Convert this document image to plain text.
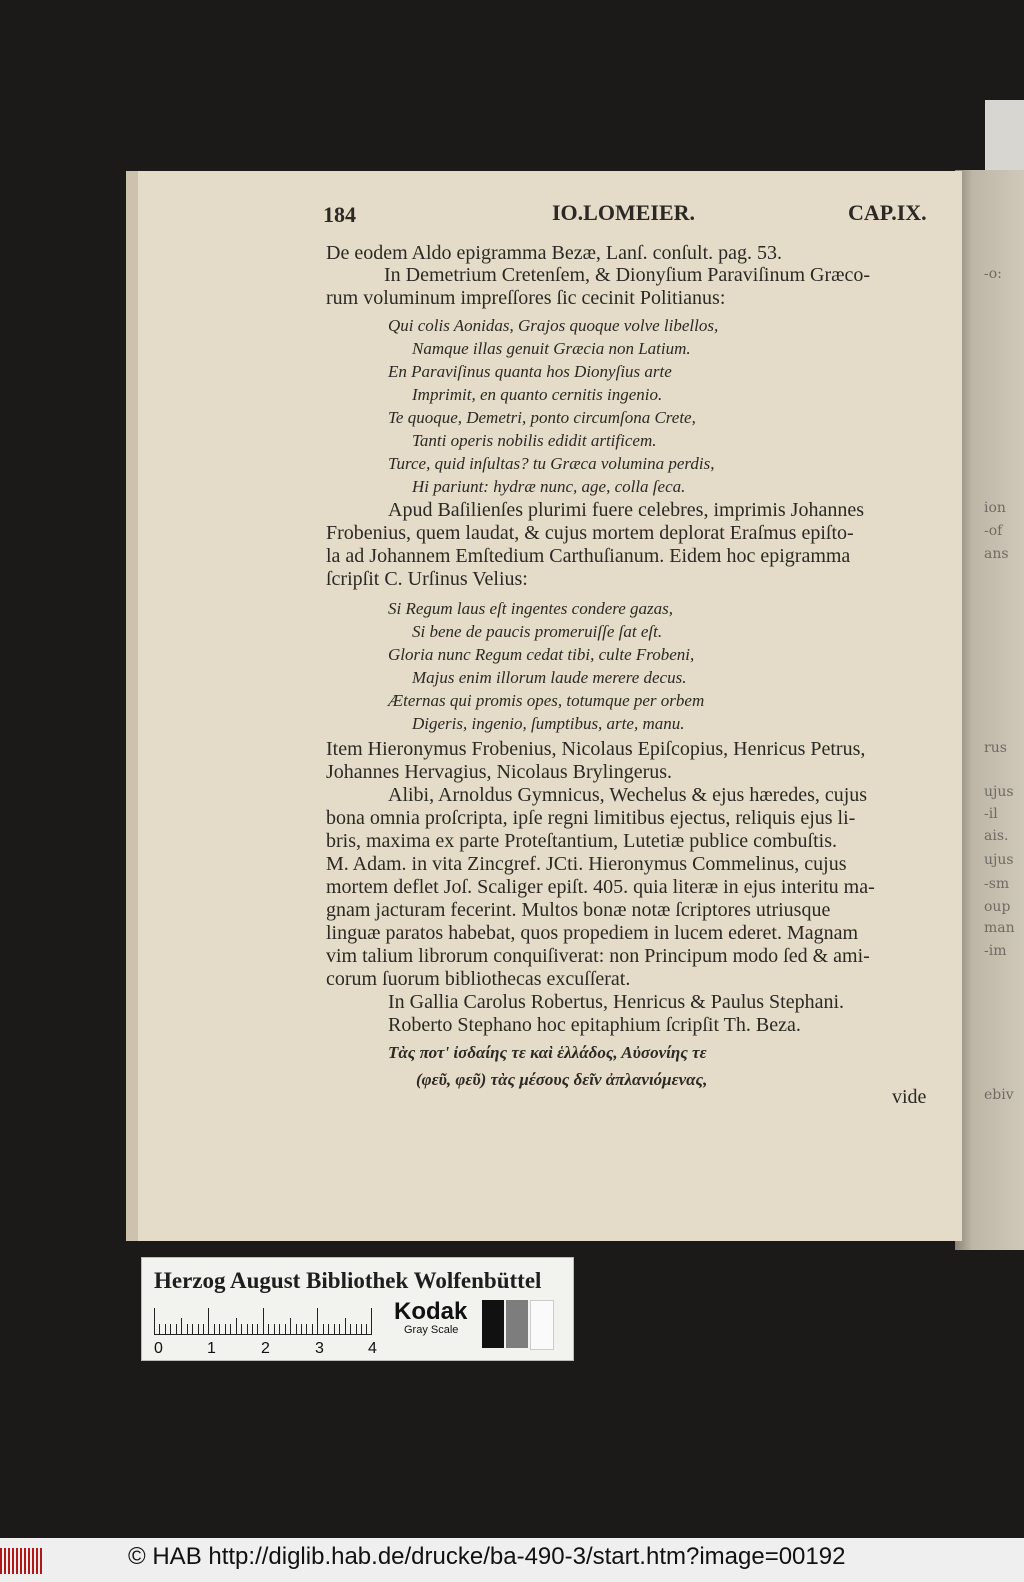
-o:
ion
-of
ans
rus
ujus
-il
ais.
ujus
-sm
oup
man
-im
ebiv
184	IO.LOMEIER.	CAP.IX.
De eodem Aldo epigramma Bezæ, Lanſ. conſult. pag. 53.
In Demetrium Cretenſem, & Dionyſium Paraviſinum Græco-
rum voluminum impreſſores ſic cecinit Politianus:
Qui colis Aonidas, Grajos quoque volve libellos,
Namque illas genuit Græcia non Latium.
En Paraviſinus quanta hos Dionyſius arte
Imprimit, en quanto cernitis ingenio.
Te quoque, Demetri, ponto circumſona Crete,
Tanti operis nobilis edidit artificem.
Turce, quid inſultas? tu Græca volumina perdis,
Hi pariunt: hydræ nunc, age, colla ſeca.
Apud Baſilienſes plurimi fuere celebres, imprimis Johannes
Frobenius, quem laudat, & cujus mortem deplorat Eraſmus epiſto-
la ad Johannem Emſtedium Carthuſianum. Eidem hoc epigramma
ſcripſit C. Urſinus Velius:
Si Regum laus eſt ingentes condere gazas,
Si bene de paucis promeruiſſe ſat eſt.
Gloria nunc Regum cedat tibi, culte Frobeni,
Majus enim illorum laude merere decus.
Æternas qui promis opes, totumque per orbem
Digeris, ingenio, ſumptibus, arte, manu.
Item Hieronymus Frobenius, Nicolaus Epiſcopius, Henricus Petrus,
Johannes Hervagius, Nicolaus Brylingerus.
Alibi, Arnoldus Gymnicus, Wechelus & ejus hæredes, cujus
bona omnia proſcripta, ipſe regni limitibus ejectus, reliquis ejus li-
bris, maxima ex parte Proteſtantium, Lutetiæ publice combuſtis.
M. Adam. in vita Zincgref. JCti. Hieronymus Commelinus, cujus
mortem deflet Joſ. Scaliger epiſt. 405. quia literæ in ejus interitu ma-
gnam jacturam fecerint. Multos bonæ notæ ſcriptores utriusque
linguæ paratos habebat, quos propediem in lucem ederet. Magnam
vim talium librorum conquiſiverat: non Principum modo ſed & ami-
corum ſuorum bibliothecas excuſſerat.
In Gallia Carolus Robertus, Henricus & Paulus Stephani.
Roberto Stephano hoc epitaphium ſcripſit Th. Beza.
Τὰς ποτ' ἰσδαίης τε καὶ ἑλλάδος, Αὐσονίης τε
(φεῦ, φεῦ) τὰς μέσους δεῖν ἀπλανιόμενας,
vide
Herzog August Bibliothek Wolfenbüttel
0	1	2	3	4
Kodak
Gray Scale
© HAB http://diglib.hab.de/drucke/ba-490-3/start.htm?image=00192
